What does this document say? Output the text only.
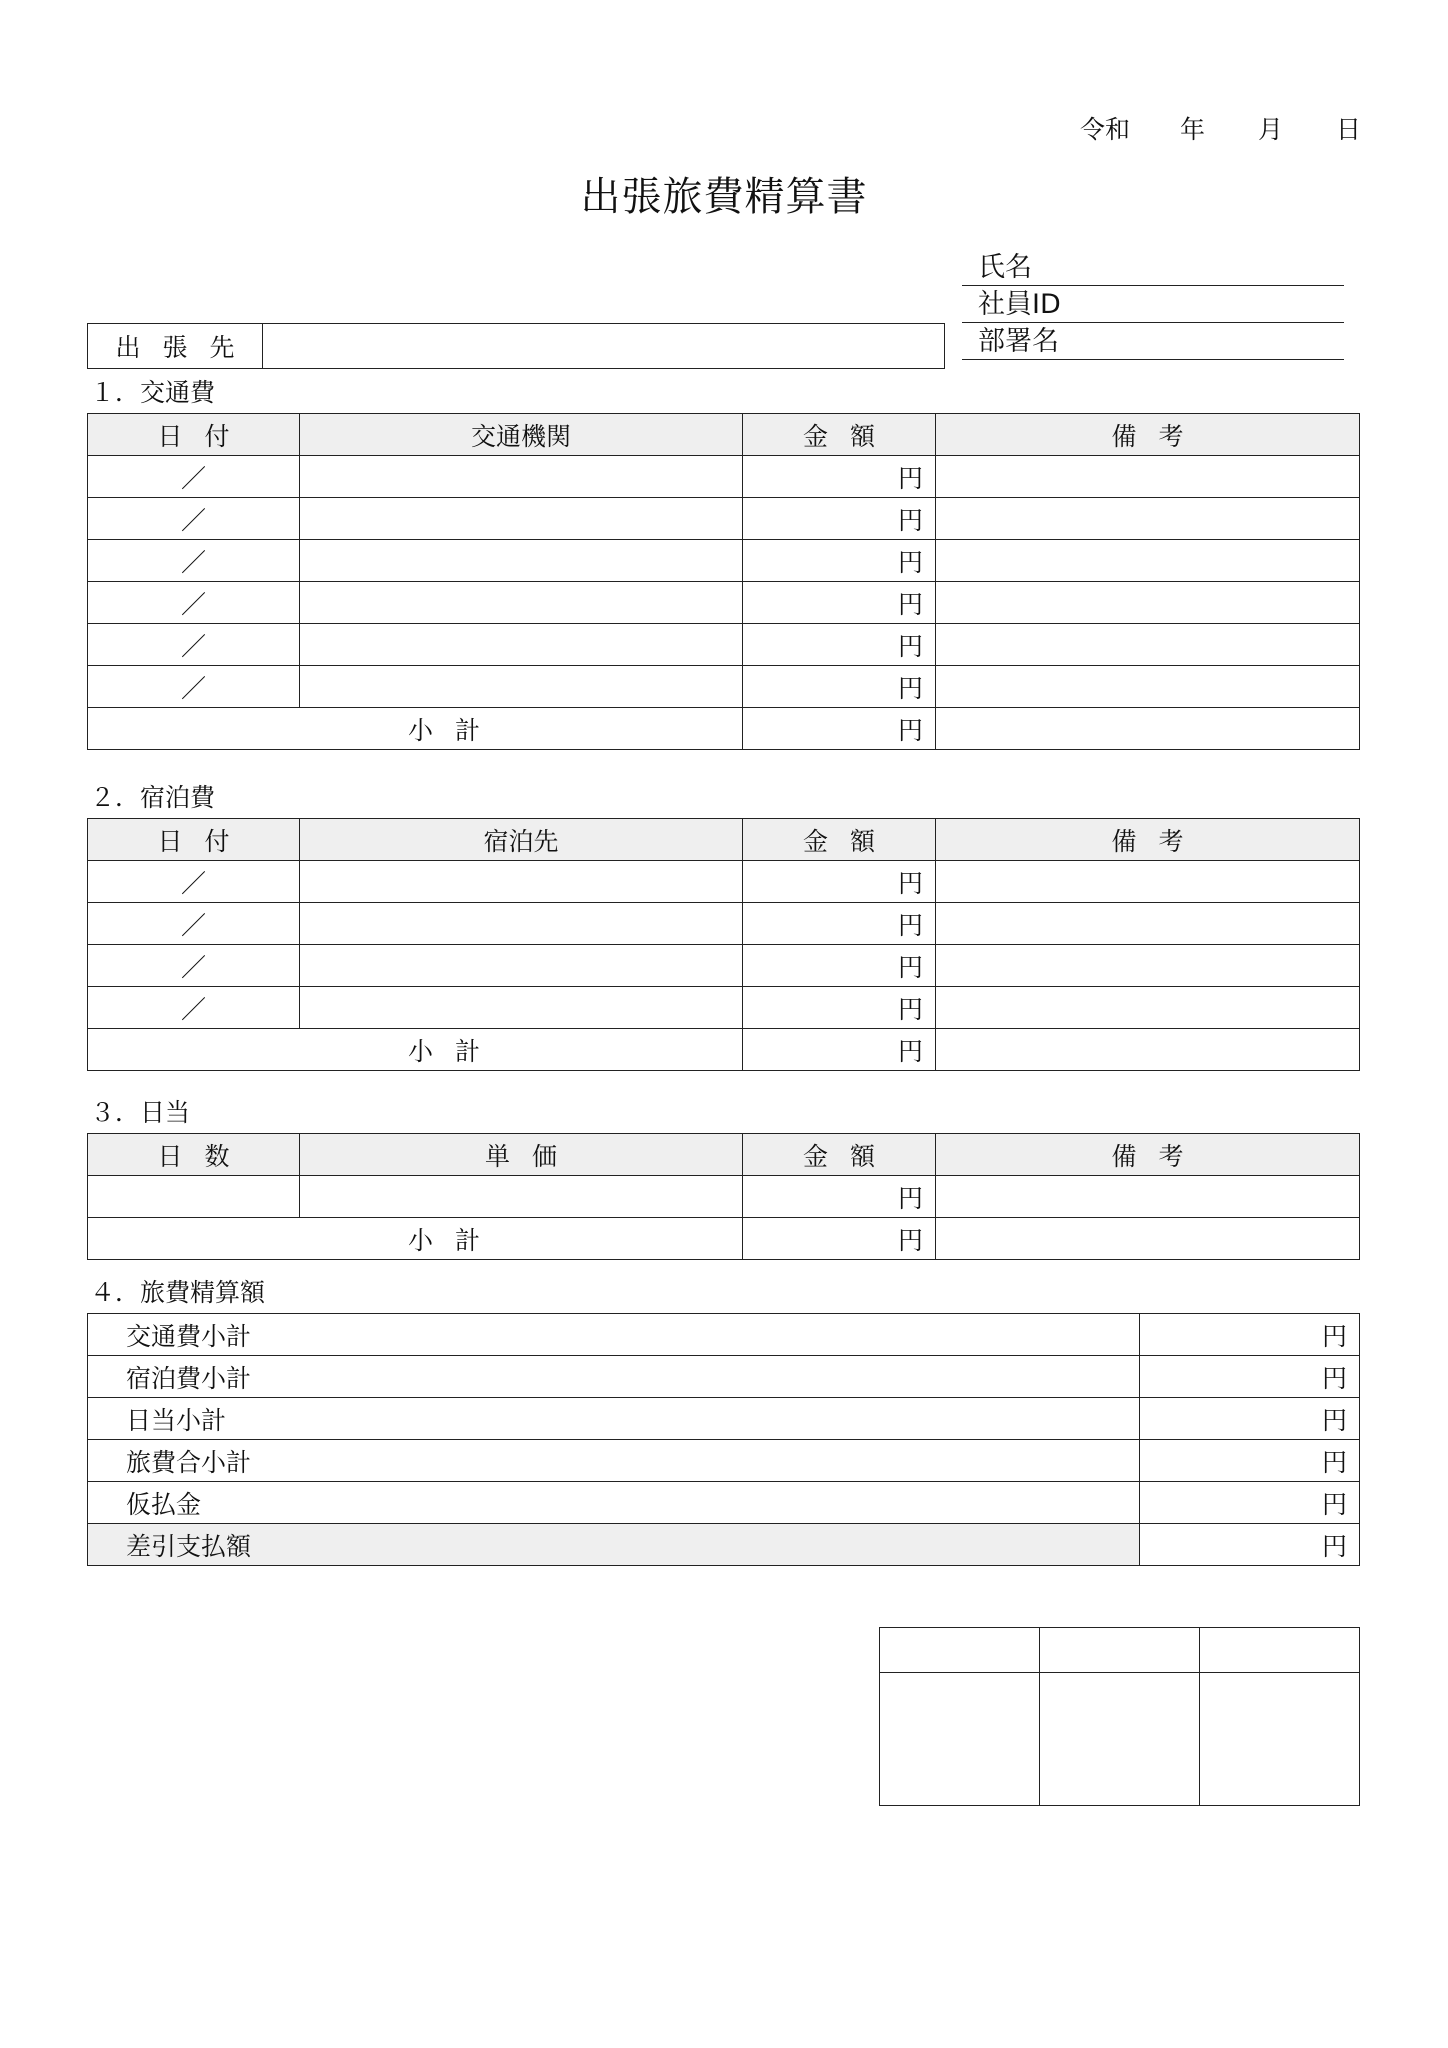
令和	年	月	日
出張旅費精算書
氏名
社員ID
部署名
出張先
１．交通費
日付	交通機関	金額	備考
／		円	
／		円	
／		円	
／		円	
／		円	
／		円	
小計		円	
２．宿泊費
日付	宿泊先	金額	備考
／		円	
／		円	
／		円	
／		円	
小計		円	
３．日当
日数	単価	金額	備考
		円	
小計		円	
４．旅費精算額
交通費小計	円
宿泊費小計	円
日当小計	円
旅費合小計	円
仮払金	円
差引支払額	円
